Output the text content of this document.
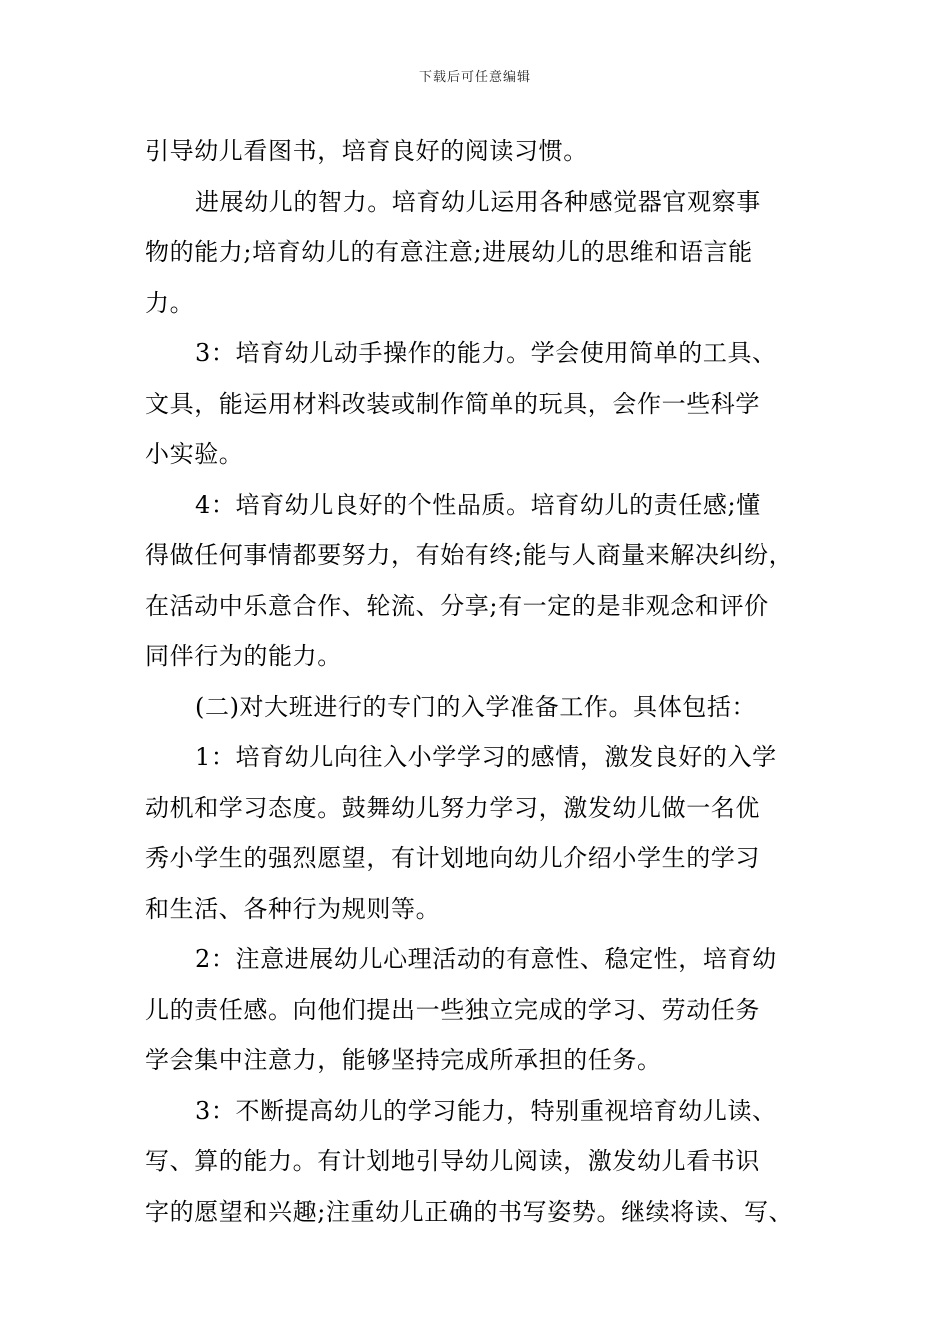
下载后可任意编辑
引导幼儿看图书，培育良好的阅读习惯。
进展幼儿的智力。培育幼儿运用各种感觉器官观察事
物的能力;培育幼儿的有意注意;进展幼儿的思维和语言能
力。
3：培育幼儿动手操作的能力。学会使用简单的工具、
文具，能运用材料改装或制作简单的玩具，会作一些科学
小实验。
4：培育幼儿良好的个性品质。培育幼儿的责任感;懂
得做任何事情都要努力，有始有终;能与人商量来解决纠纷，
在活动中乐意合作、轮流、分享;有一定的是非观念和评价
同伴行为的能力。
(二)对大班进行的专门的入学准备工作。具体包括：
1：培育幼儿向往入小学学习的感情，激发良好的入学
动机和学习态度。鼓舞幼儿努力学习，激发幼儿做一名优
秀小学生的强烈愿望，有计划地向幼儿介绍小学生的学习
和生活、各种行为规则等。
2：注意进展幼儿心理活动的有意性、稳定性，培育幼
儿的责任感。向他们提出一些独立完成的学习、劳动任务
学会集中注意力，能够坚持完成所承担的任务。
3：不断提高幼儿的学习能力，特别重视培育幼儿读、
写、算的能力。有计划地引导幼儿阅读，激发幼儿看书识
字的愿望和兴趣;注重幼儿正确的书写姿势。继续将读、写、
